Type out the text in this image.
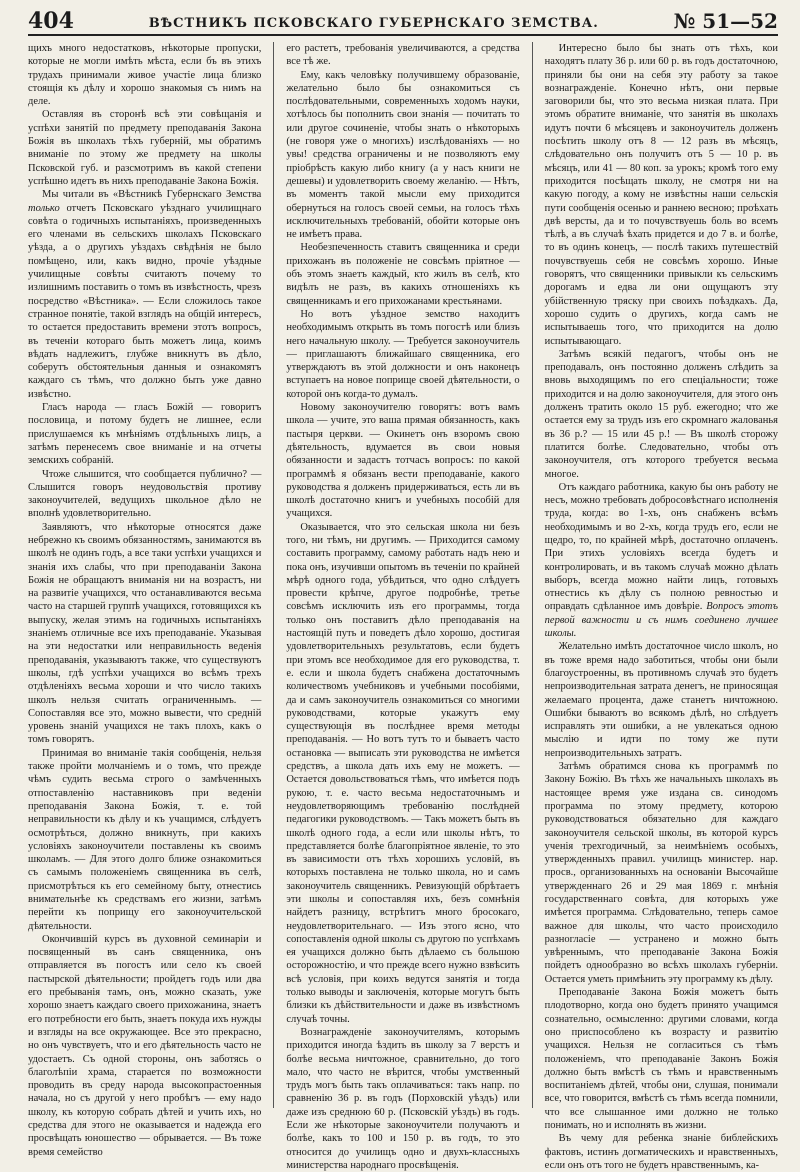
404	ВѢСТНИКЪ ПСКОВСКАГО ГУБЕРНСКАГО ЗЕМСТВА.	№ 51—52

щихъ много недостатковъ, нѣкоторые пропуски, которые не могли имѣть мѣста, если бъ въ этихъ трудахъ принимали живое участіе лица близко стоящія къ дѣлу и хорошо знакомыя съ нимъ на деле.

Оставляя въ сторонѣ всѣ эти совѣщанія и успѣхи занятій по предмету преподаванія Закона Божія въ школахъ тѣхъ губерній, мы обратимъ вниманіе по этому же предмету на школы Псковской губ. и разсмотримъ въ какой степени успѣшно идетъ въ нихъ преподаваніе Закона Божія.

Мы читали въ «Вѣстникѣ Губернскаго Земства только отчетъ Псковскаго уѣзднаго училищнаго совѣта о годичныхъ испытаніяхъ, произведенныхъ его членами въ сельскихъ школахъ Псковскаго уѣзда, а о другихъ уѣздахъ свѣдѣнія не было помѣщено, или, какъ видно, прочіе уѣздные училищные совѣты считаютъ почему то излишнимъ поставить о томъ въ извѣстность, чрезъ посредство «Вѣстника». — Если сложилось такое странное понятіе, такой взглядъ на общій интересъ, то остается предоставить времени этотъ вопросъ, въ теченіи котораго быть можетъ лица, коимъ вѣдать надлежитъ, глубже вникнутъ въ дѣло, соберутъ обстоятельныя данныя и ознакомятъ каждаго съ тѣмъ, что должно быть уже давно извѣстно.

Гласъ народа — гласъ Божій — говоритъ пословица, и потому будетъ не лишнее, если прислушаемся къ мнѣніямъ отдѣльныхъ лицъ, а затѣмъ перенесемъ свое вниманіе и на отчеты земскихъ собраній.

Чтоже слышится, что сообщается публично? — Слышится говоръ неудовольствія противу законоучителей, ведущихъ школьное дѣло не вполнѣ удовлетворительно.

Заявляютъ, что нѣкоторые относятся даже небрежно къ своимъ обязанностямъ, занимаются въ школѣ не одинъ годъ, а все таки успѣхи учащихся и знанія ихъ слабы, что при преподаваніи Закона Божія не обращаютъ вниманія ни на возрастъ, ни на развитіе учащихся, что останавливаются весьма часто на старшей группѣ учащихся, готовящихся къ выпуску, желая этимъ на годичныхъ испытаніяхъ знаніемъ отличные все ихъ преподаваніе. Указывая на эти недостатки или неправильность веденія преподаванія, указываютъ также, что существуютъ школы, гдѣ успѣхи учащихся во всѣмъ трехъ отдѣленіяхъ весьма хороши и что число такихъ школъ нельзя считать ограниченнымъ. — Сопоставляя все это, можно вывести, что средній уровень знаній учащихся не такъ плохъ, какъ о томъ говорятъ.

Принимая во вниманіе такія сообщенія, нельзя также пройти молчаніемъ и о томъ, что прежде чѣмъ судить весьма строго о замѣченныхъ отпоставленію наставниковъ при веденіи преподаванія Закона Божія, т. е. той неправильности къ дѣлу и къ учащимся, слѣдуетъ осмотрѣться, должно вникнуть, при какихъ условіяхъ законоучители поставлены къ своимъ школамъ. — Для этого долго ближе ознакомиться съ самымъ положеніемъ священника въ селѣ, присмотрѣться къ его семейному быту, отнестись внимательнѣе къ средствамъ его жизни, затѣмъ перейти къ поприщу его законоучительской дѣятельности.

Окончившій курсъ въ духовной семинаріи и посвященный въ санъ священника, онъ отправляется въ погостъ или село къ своей пастырской дѣятельности; пройдетъ годъ или два его пребыванія тамъ, онъ, можно сказать, уже хорошо знаетъ каждаго своего прихожанина, знаетъ его потребности его быть, знаетъ покуда ихъ нужды и взгляды на все окружающее. Все это прекрасно, но онъ чувствуетъ, что и его дѣятельность часто не удостаетъ. Съ одной стороны, онъ заботясь о благолѣпіи храма, старается по возможности проводить въ среду народа высокопрастоенныя начала, но съ другой у него пробѣгъ — ему надо школу, къ которую собрать дѣтей и учить ихъ, но средства для этого не оказывается и надежда его просвѣщать юношество — обрывается. — Въ тоже время семейство

его растетъ, требованія увеличиваются, а средства все тѣ же.

Ему, какъ человѣку получившему образованіе, желательно было бы ознакомиться съ послѣдовательными, современныхъ ходомъ науки, хотѣлось бы пополнить свои знанія — почитать то или другое сочиненіе, чтобы знать о нѣкоторыхъ (не говоря уже о многихъ) изслѣдованіяхъ — но увы! средства ограничены и не позволяютъ ему пріобрѣсть какую либо книгу (а у насъ книги не дешевы) и удовлетворить своему желанію. — Нѣтъ, въ моментъ такой мысли ему приходится обернуться на голосъ своей семьи, на голосъ тѣхъ исключительныхъ требованій, обойти которые онъ не имѣетъ права.

Необезпеченность ставитъ священника и среди прихожанъ въ положеніе не совсѣмъ пріятное — объ этомъ знаетъ каждый, кто жилъ въ селѣ, кто видѣлъ не разъ, въ какихъ отношеніяхъ къ священникамъ и его прихожанами крестьянами.

Но вотъ уѣздное земство находитъ необходимымъ открыть въ томъ погостѣ или близъ него начальную школу. — Требуется законоучитель — приглашаютъ ближайшаго священника, его утверждаютъ въ этой должности и онъ наконецъ вступаетъ на новое поприще своей дѣятельности, о которой онъ когда-то думалъ.

Новому законоучителю говорятъ: вотъ вамъ школа — учите, это ваша прямая обязанность, какъ пастыря церкви. — Окинетъ онъ взоромъ свою дѣятельность, вдумается въ свои новыя обязанности и задастъ тотчасъ вопросъ: по какой программѣ я обязанъ вести преподаваніе, какого руководства я долженъ придерживаться, есть ли въ школѣ достаточно книгъ и учебныхъ пособій для учащихся.

Оказывается, что это сельская школа ни безъ того, ни тѣмъ, ни другимъ. — Приходится самому составить программу, самому работать надъ нею и пока онъ, изучивши опытомъ въ теченіи по крайней мѣрѣ одного года, убѣдиться, что одно слѣдуетъ провести крѣпче, другое подробнѣе, третье совсѣмъ исключить изъ его программы, тогда только онъ поставитъ дѣло преподаванія на настоящій путь и поведетъ дѣло хорошо, достигая удовлетворительныхъ результатовъ, если будетъ при этомъ все необходимое для его руководства, т. е. если и школа будетъ снабжена достаточнымъ количествомъ учебниковъ и учебными пособіями, да и самъ законоучитель ознакомиться со многими руководствами, которые укажутъ ему существующія въ послѣднее время методы преподаванія. — Но вотъ тутъ то и бываетъ часто остановка — выписать эти руководства не имѣется средствъ, а школа дать ихъ ему не можетъ. — Остается довольствоваться тѣмъ, что имѣется подъ рукою, т. е. часто весьма недостаточнымъ и неудовлетворяющимъ требованію послѣдней педагогики руководствомъ. — Такъ можетъ быть въ школѣ одного года, а если или школы нѣтъ, то представляется болѣе благопріятное явленіе, то это въ зависимости отъ тѣхъ хорошихъ условій, въ которыхъ поставлена не только школа, но и самъ законоучитель священникъ. Ревизующій обрѣтаетъ эти школы и сопоставляя ихъ, безъ сомнѣнія найдетъ разницу, встрѣтитъ много бросокаго, неудовлетворительнаго. — Изъ этого ясно, что сопоставленія одной школы съ другою по успѣхамъ ея учащихся должно быть дѣлаемо съ большою осторожностію, и что прежде всего нужно взвѣсить всѣ условія, при коихъ ведутся занятія и тогда только выводы и заключенія, которые могутъ быть близки къ дѣйствительности и даже въ извѣстномъ случаѣ точны.

Вознагражденіе законоучителямъ, которымъ приходится иногда ѣздить въ школу за 7 верстъ и болѣе весьма ничтожное, сравнительно, до того мало, что часто не вѣрится, чтобы умственный трудъ могъ быть такъ оплачиваться: такъ напр. по сравненію 36 р. въ годъ (Порховскій уѣздъ) или даже изъ среднюю 60 р. (Псковскій уѣздъ) въ годъ. Если же нѣкоторые законоучители получаютъ и болѣе, какъ то 100 и 150 р. въ годъ, то это относится до училищъ одно и двухъ-классныхъ министерства народнаго просвѣщенія.

Интересно было бы знать отъ тѣхъ, кои находятъ плату 36 р. или 60 р. въ годъ достаточною, приняли бы они на себя эту работу за такое вознагражденіе. Конечно нѣтъ, они первые заговорили бы, что это весьма низкая плата. При этомъ обратите вниманіе, что занятія въ школахъ идутъ почти 6 мѣсяцевъ и законоучитель долженъ посѣтить школу отъ 8 — 12 разъ въ мѣсяцъ, слѣдовательно онъ получитъ отъ 5 — 10 р. въ мѣсяцъ, или 41 — 80 коп. за урокъ; кромѣ того ему приходится посѣщать школу, не смотря ни на какую погоду, а кому не извѣстны наши сельскія пути сообщенія осенью и раннею весною; проѣхать двѣ версты, да и то почувствуешь боль во всемъ тѣлѣ, а въ случаѣ ѣхать придется и до 7 в. и болѣе, то въ одинъ конецъ, — послѣ такихъ путешествій почувствуешь себя не совсѣмъ хорошо. Иные говорятъ, что священники привыкли къ сельскимъ дорогамъ и едва ли они ощущаютъ эту убійственную тряску при своихъ поѣздкахъ. Да, хорошо судить о другихъ, когда самъ не испытываешь того, что приходится на долю испытывающаго.

Затѣмъ всякій педагогъ, чтобы онъ не преподавалъ, онъ постоянно долженъ слѣдить за вновь выходящимъ по его спеціальности; тоже приходится и на долю законоучителя, для этого онъ долженъ тратить около 15 руб. ежегодно; что же остается ему за трудъ изъ его скромнаго жалованья въ 36 р.? — 15 или 45 р.! — Въ школѣ сторожу платится болѣе. Следовательно, чтобы отъ законоучителя, отъ которого требуется весьма многое.

Отъ каждаго работника, какую бы онъ работу не несъ, можно требовать добросовѣстнаго исполненія труда, когда: во 1-хъ, онъ снабженъ всѣмъ необходимымъ и во 2-хъ, когда трудъ его, если не щедро, то, по крайней мѣрѣ, достаточно оплаченъ. При этихъ условіяхъ всегда будетъ и контролировать, и въ такомъ случаѣ можно дѣлать выборъ, всегда можно найти лицъ, готовыхъ отнестись къ дѣлу съ полною ревностью и оправдать сдѣланное имъ довѣріе. Вопросъ этотъ первой важности и съ нимъ соединено лучшее школы.

Желательно имѣть достаточное число школъ, но въ тоже время надо заботиться, чтобы они были благоустроенны, въ противномъ случаѣ это будетъ непроизводительная затрата денегъ, не приносящая желаемаго процента, даже станетъ ничтожною. Ошибки бываютъ во всякомъ дѣлѣ, но слѣдуетъ исправлять эти ошибки, а не увлекаться одною мыслію и идти по тому же пути непроизводительныхъ затратъ.

Затѣмъ обратимся снова къ программѣ по Закону Божію. Въ тѣхъ же начальныхъ школахъ въ настоящее время уже издана св. синодомъ программа по этому предмету, которою руководствоваться обязательно для каждаго законоучителя сельской школы, въ которой курсъ ученія трехгодичный, за неимѣніемъ особыхъ, утвержденныхъ правил. училищъ министер. нар. просв., организованныхъ на основаніи Высочайше утвержденнаго 26 и 29 мая 1869 г. мнѣнія государственнаго совѣта, для которыхъ уже имѣется программа. Слѣдовательно, теперь самое важное для школы, что часто происходило разногласіе — устранено и можно быть увѣреннымъ, что преподаваніе Закона Божія пойдетъ однообразно во всѣхъ школахъ губерніи. Остается уметь примѣнить эту программу къ дѣлу.

Преподаваніе Закона Божія можетъ быть плодотворно, когда оно будетъ принято учащимся сознательно, осмысленно: другими словами, когда оно приспособлено къ возрасту и развитію учащихся. Нельзя не согласиться съ тѣмъ положеніемъ, что преподаваніе Законъ Божія должно быть вмѣстѣ съ тѣмъ и нравственнымъ воспитаніемъ дѣтей, чтобы они, слушая, понимали все, что говорится, вмѣстѣ съ тѣмъ всегда помнили, что все слышанное ими должно не только понимать, но и исполнять въ жизни.

Въ чему для ребенка знаніе библейскихъ фактовъ, истинъ догматическихъ и нравственныхъ, если онъ отъ того не будетъ нравственнымъ, ка-
